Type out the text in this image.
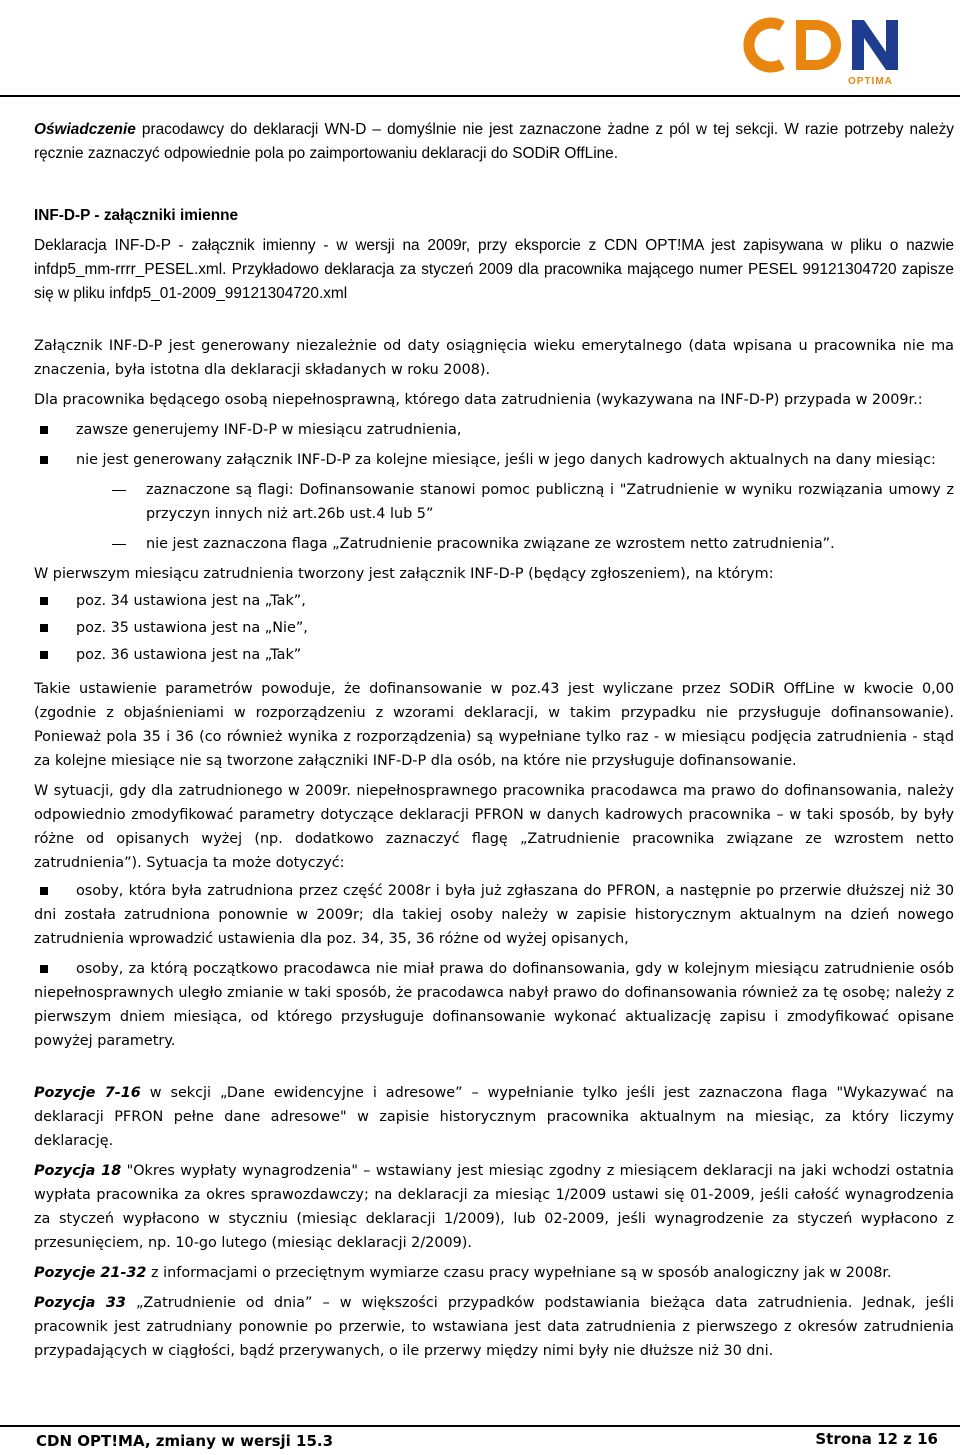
OPTIMA

Oświadczenie pracodawcy do deklaracji WN-D – domyślnie nie jest zaznaczone żadne z pól w tej sekcji. W razie potrzeby należy ręcznie zaznaczyć odpowiednie pola po zaimportowaniu deklaracji do SODiR OffLine.

INF-D-P - załączniki imienne

Deklaracja INF-D-P - załącznik imienny - w wersji na 2009r, przy eksporcie z CDN OPT!MA jest zapisywana w pliku o nazwie infdp5_mm-rrrr_PESEL.xml. Przykładowo deklaracja za styczeń 2009 dla pracownika mającego numer PESEL 99121304720 zapisze się w pliku infdp5_01-2009_99121304720.xml

Załącznik INF-D-P jest generowany niezależnie od daty osiągnięcia wieku emerytalnego (data wpisana u pracownika nie ma znaczenia, była istotna dla deklaracji składanych w roku 2008).

Dla pracownika będącego osobą niepełnosprawną, którego data zatrudnienia (wykazywana na INF-D-P) przypada w 2009r.:

zawsze generujemy INF-D-P w miesiącu zatrudnienia,

nie jest generowany załącznik INF-D-P za kolejne miesiące, jeśli w jego danych kadrowych aktualnych na dany miesiąc:

zaznaczone są flagi: Dofinansowanie stanowi pomoc publiczną i "Zatrudnienie w wyniku rozwiązania umowy z przyczyn innych niż art.26b ust.4 lub 5”

nie jest zaznaczona flaga „Zatrudnienie pracownika związane ze wzrostem netto zatrudnienia”.

W pierwszym miesiącu zatrudnienia tworzony jest załącznik INF-D-P (będący zgłoszeniem), na którym:

poz. 34 ustawiona jest na „Tak”,

poz. 35 ustawiona jest na „Nie”,

poz. 36 ustawiona jest na „Tak”

Takie ustawienie parametrów powoduje, że dofinansowanie w poz.43 jest wyliczane przez SODiR OffLine w kwocie 0,00 (zgodnie z objaśnieniami w rozporządzeniu z wzorami deklaracji, w takim przypadku nie przysługuje dofinansowanie). Ponieważ pola 35 i 36 (co również wynika z rozporządzenia) są wypełniane tylko raz - w miesiącu podjęcia zatrudnienia - stąd za kolejne miesiące nie są tworzone załączniki INF-D-P dla osób, na które nie przysługuje dofinansowanie.

W sytuacji, gdy dla zatrudnionego w 2009r. niepełnosprawnego pracownika pracodawca ma prawo do dofinansowania, należy odpowiednio zmodyfikować parametry dotyczące deklaracji PFRON w danych kadrowych pracownika – w taki sposób, by były różne od opisanych wyżej (np. dodatkowo zaznaczyć flagę „Zatrudnienie pracownika związane ze wzrostem netto zatrudnienia”). Sytuacja ta może dotyczyć:

osoby, która była zatrudniona przez część 2008r i była już zgłaszana do PFRON, a następnie po przerwie dłuższej niż 30 dni została zatrudniona ponownie w 2009r; dla takiej osoby należy w zapisie historycznym aktualnym na dzień nowego zatrudnienia wprowadzić ustawienia dla poz. 34, 35, 36 różne od wyżej opisanych,

osoby, za którą początkowo pracodawca nie miał prawa do dofinansowania, gdy w kolejnym miesiącu zatrudnienie osób niepełnosprawnych uległo zmianie w taki sposób, że pracodawca nabył prawo do dofinansowania również za tę osobę; należy z pierwszym dniem miesiąca, od którego przysługuje dofinansowanie wykonać aktualizację zapisu i zmodyfikować opisane powyżej parametry.

Pozycje 7-16 w sekcji „Dane ewidencyjne i adresowe” – wypełnianie tylko jeśli jest zaznaczona flaga "Wykazywać na deklaracji PFRON pełne dane adresowe" w zapisie historycznym pracownika aktualnym na miesiąc, za który liczymy deklarację.

Pozycja 18 "Okres wypłaty wynagrodzenia" – wstawiany jest miesiąc zgodny z miesiącem deklaracji na jaki wchodzi ostatnia wypłata pracownika za okres sprawozdawczy; na deklaracji za miesiąc 1/2009 ustawi się 01-2009, jeśli całość wynagrodzenia za styczeń wypłacono w styczniu (miesiąc deklaracji 1/2009), lub 02-2009, jeśli wynagrodzenie za styczeń wypłacono z przesunięciem, np. 10-go lutego (miesiąc deklaracji 2/2009).

Pozycje 21-32 z informacjami o przeciętnym wymiarze czasu pracy wypełniane są w sposób analogiczny jak w 2008r.

Pozycja 33 „Zatrudnienie od dnia” – w większości przypadków podstawiania bieżąca data zatrudnienia. Jednak, jeśli pracownik jest zatrudniany ponownie po przerwie, to wstawiana jest data zatrudnienia z pierwszego z okresów zatrudnienia przypadających w ciągłości, bądź przerywanych, o ile przerwy między nimi były nie dłuższe niż 30 dni.

CDN OPT!MA, zmiany w wersji 15.3	Strona 12 z 16
